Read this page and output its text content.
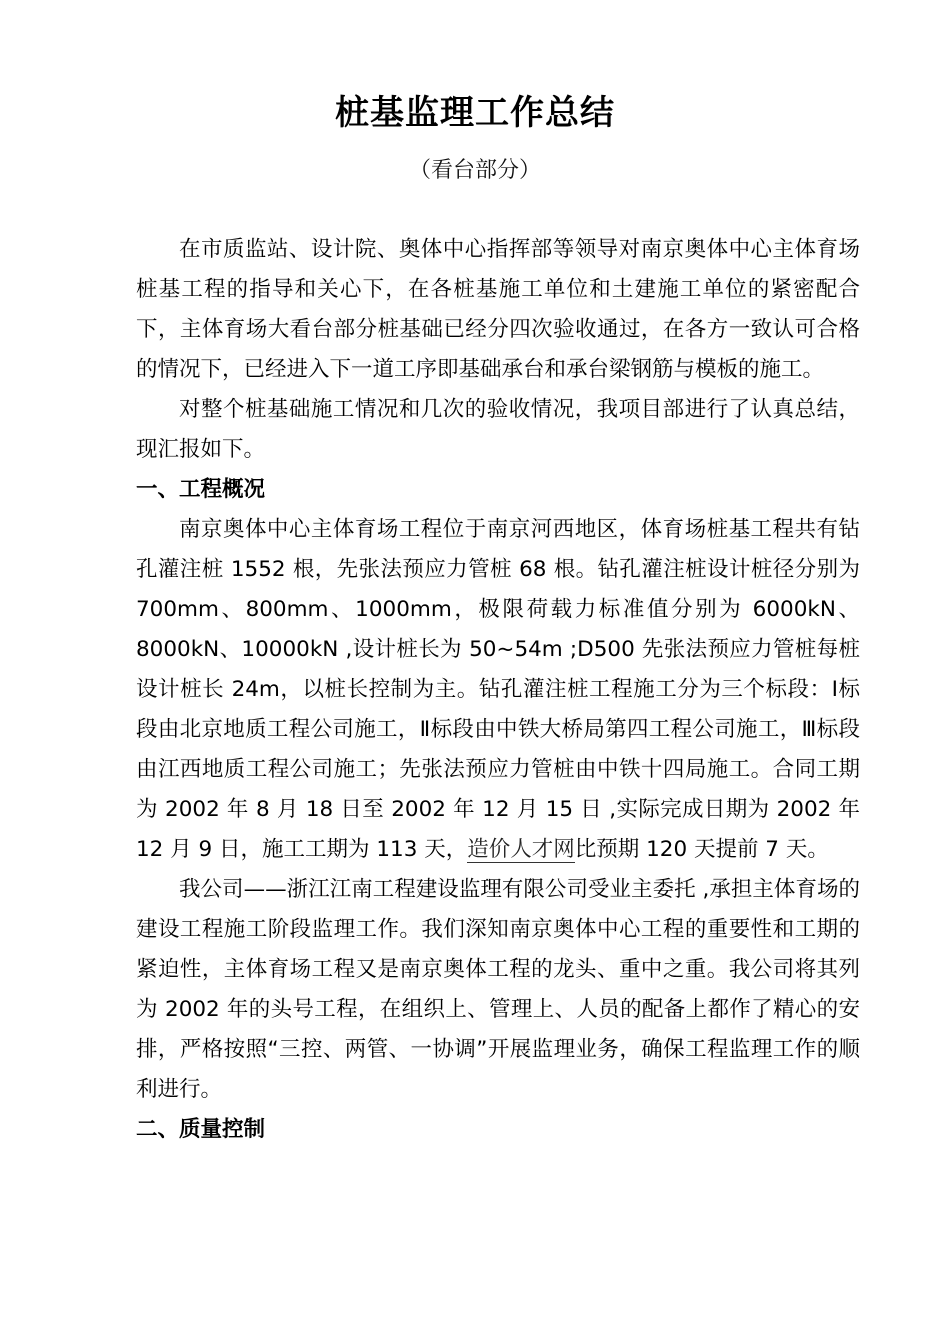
桩基监理工作总结
（看台部分）

在市质监站、设计院、奥体中心指挥部等领导对南京奥体中心主体育场桩基工程的指导和关心下，在各桩基施工单位和土建施工单位的紧密配合下，主体育场大看台部分桩基础已经分四次验收通过，在各方一致认可合格的情况下，已经进入下一道工序即基础承台和承台梁钢筋与模板的施工。

对整个桩基础施工情况和几次的验收情况，我项目部进行了认真总结，现汇报如下。

一、工程概况

南京奥体中心主体育场工程位于南京河西地区，体育场桩基工程共有钻孔灌注桩 1552 根，先张法预应力管桩 68 根。钻孔灌注桩设计桩径分别为 700mm、800mm、1000mm，极限荷载力标准值分别为 6000kN、8000kN、10000kN ,设计桩长为 50~54m ;D500 先张法预应力管桩每桩设计桩长 24m，以桩长控制为主。钻孔灌注桩工程施工分为三个标段：Ⅰ标段由北京地质工程公司施工，Ⅱ标段由中铁大桥局第四工程公司施工，Ⅲ标段由江西地质工程公司施工；先张法预应力管桩由中铁十四局施工。合同工期为 2002 年 8 月 18 日至 2002 年 12 月 15 日 ,实际完成日期为 2002 年 12 月 9 日，施工工期为 113 天，造价人才网比预期 120 天提前 7 天。

我公司——浙江江南工程建设监理有限公司受业主委托 ,承担主体育场的建设工程施工阶段监理工作。我们深知南京奥体中心工程的重要性和工期的紧迫性，主体育场工程又是南京奥体工程的龙头、重中之重。我公司将其列为 2002 年的头号工程，在组织上、管理上、人员的配备上都作了精心的安排，严格按照“三控、两管、一协调”开展监理业务，确保工程监理工作的顺利进行。

二、质量控制
